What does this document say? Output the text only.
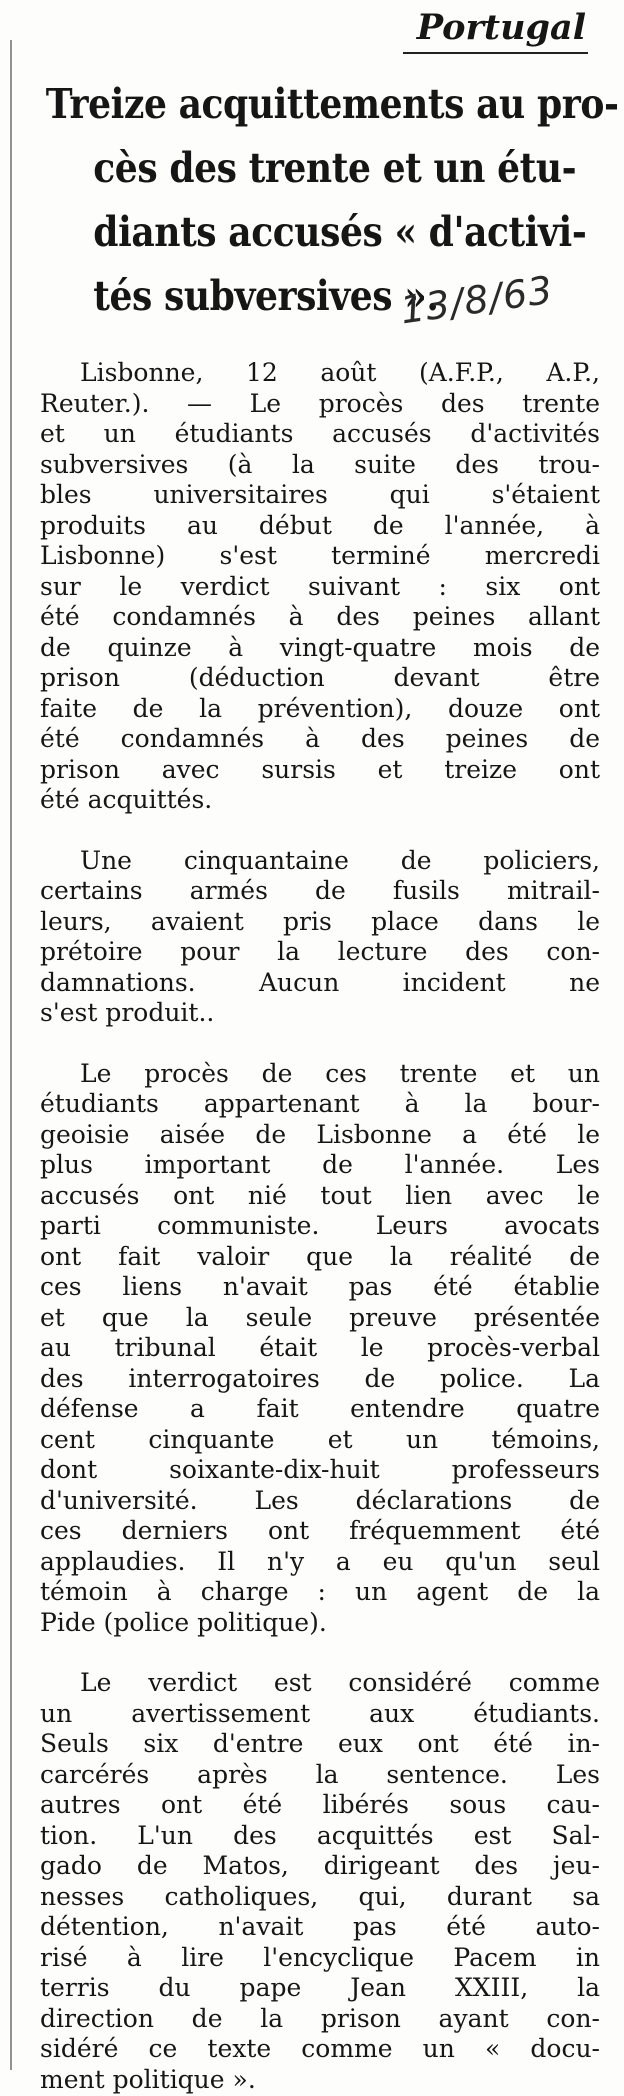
Portugal
Treize acquittements au pro-
cès des trente et un étu-
diants accusés « d'activi-
tés subversives ».
13/8/63
Lisbonne, 12 août (A.F.P., A.P.,
Reuter.). — Le procès des trente
et un étudiants accusés d'activités
subversives (à la suite des trou-
bles universitaires qui s'étaient
produits au début de l'année, à
Lisbonne) s'est terminé mercredi
sur le verdict suivant : six ont
été condamnés à des peines allant
de quinze à vingt-quatre mois de
prison (déduction devant être
faite de la prévention), douze ont
été condamnés à des peines de
prison avec sursis et treize ont
été acquittés.
Une cinquantaine de policiers,
certains armés de fusils mitrail-
leurs, avaient pris place dans le
prétoire pour la lecture des con-
damnations. Aucun incident ne
s'est produit..
Le procès de ces trente et un
étudiants appartenant à la bour-
geoisie aisée de Lisbonne a été le
plus important de l'année. Les
accusés ont nié tout lien avec le
parti communiste. Leurs avocats
ont fait valoir que la réalité de
ces liens n'avait pas été établie
et que la seule preuve présentée
au tribunal était le procès-verbal
des interrogatoires de police. La
défense a fait entendre quatre
cent cinquante et un témoins,
dont soixante-dix-huit professeurs
d'université. Les déclarations de
ces derniers ont fréquemment été
applaudies. Il n'y a eu qu'un seul
témoin à charge : un agent de la
Pide (police politique).
Le verdict est considéré comme
un avertissement aux étudiants.
Seuls six d'entre eux ont été in-
carcérés après la sentence. Les
autres ont été libérés sous cau-
tion. L'un des acquittés est Sal-
gado de Matos, dirigeant des jeu-
nesses catholiques, qui, durant sa
détention, n'avait pas été auto-
risé à lire l'encyclique Pacem in
terris du pape Jean XXIII, la
direction de la prison ayant con-
sidéré ce texte comme un « docu-
ment politique ».
